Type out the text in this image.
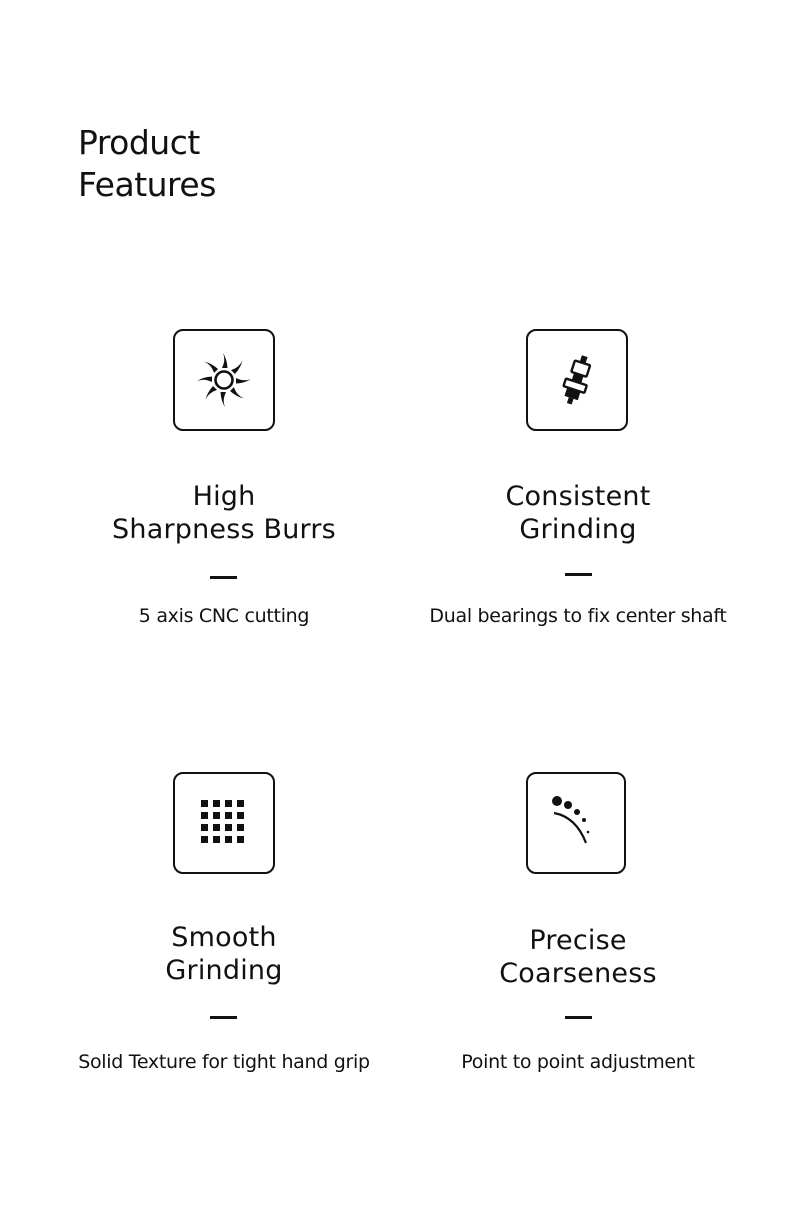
Product
Features
High
Sharpness Burrs
5 axis CNC cutting
Consistent
Grinding
Dual bearings to fix center shaft
Smooth
Grinding
Solid Texture for tight hand grip
Precise
Coarseness
Point to point adjustment
